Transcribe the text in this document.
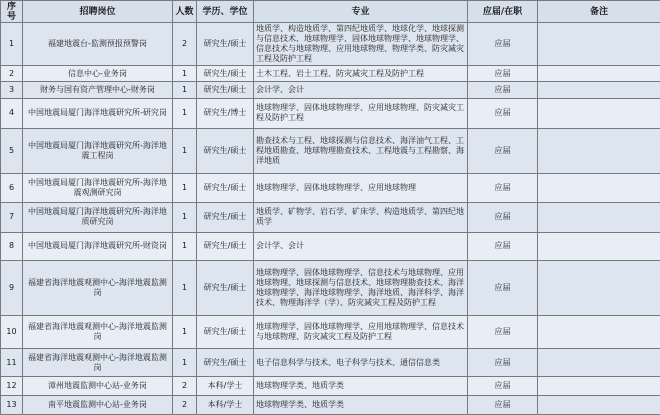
序号	招聘岗位	人数	学历、学位	专业	应届/在职	备注
1	福建地震台-监测预报预警岗	2	研究生/硕士	地质学、构造地质学、第四纪地质学、地球化学、地球探测与信息技术、地球物理学、固体地球物理学、地球物理学、信息技术与地球物理、应用地球物理、物理学类、防灾减灾工程及防护工程	应届	
2	信息中心-业务岗	1	研究生/硕士	土木工程、岩土工程、防灾减灾工程及防护工程	应届	
3	财务与国有资产管理中心-财务岗	1	研究生/硕士	会计学、会计	应届	
4	中国地震局厦门海洋地震研究所-研究岗	1	研究生/博士	地球物理学、固体地球物理学、应用地球物理、防灾减灾工程及防护工程	应届	
5	中国地震局厦门海洋地震研究所-海洋地震工程岗	1	研究生/硕士	勘查技术与工程、地球探测与信息技术、海洋油气工程、工程地质勘查、地球物理勘查技术、工程地震与工程勘察、海洋地质	应届	
6	中国地震局厦门海洋地震研究所-海洋地震观测研究岗	1	研究生/硕士	地球物理学、固体地球物理学、应用地球物理	应届	
7	中国地震局厦门海洋地震研究所-海洋地质研究岗	1	研究生/硕士	地质学、矿物学、岩石学、矿床学、构造地质学、第四纪地质学	应届	
8	中国地震局厦门海洋地震研究所-财资岗	1	研究生/硕士	会计学、会计	应届	
9	福建省海洋地震观测中心-海洋地震监测岗	1	研究生/硕士	地球物理学、固体地球物理学、信息技术与地球物理、应用地球物理、地球探测与信息技术、地球物理勘查技术、海洋地球物理学、海洋地球物理学、海洋地质、海洋科学、海洋技术、物理海洋学（学）、防灾减灾工程及防护工程	应届	
10	福建省海洋地震观测中心-海洋地震监测岗	1	研究生/硕士	地球物理学、固体地球物理学、应用地球物理学、信息技术与地球物理、防灾减灾工程及防护工程	应届	
11	福建省海洋地震观测中心-海洋地震监测岗	1	研究生/硕士	电子信息科学与技术、电子科学与技术、通信信息类	应届	
12	漳州地震监测中心站-业务岗	2	本科/学士	地球物理学类、地质学类	应届	
13	南平地震监测中心站-业务岗	2	本科/学士	地球物理学类、地质学类	应届	
